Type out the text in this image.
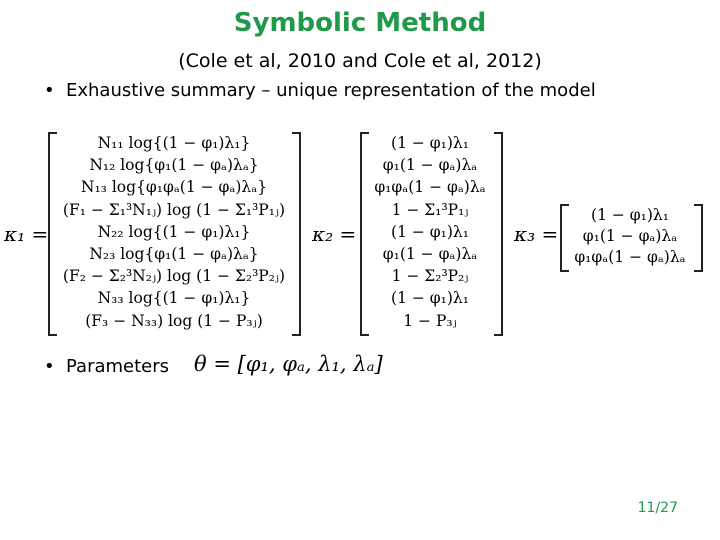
Symbolic Method
(Cole et al, 2010 and Cole et al, 2012)
• Exhaustive summary – unique representation of the model
κ₁ =
N₁₁ log{(1 − φ₁)λ₁}
N₁₂ log{φ₁(1 − φₐ)λₐ}
N₁₃ log{φ₁φₐ(1 − φₐ)λₐ}
(F₁ − Σ₁³N₁ⱼ) log (1 − Σ₁³P₁ⱼ)
N₂₂ log{(1 − φ₁)λ₁}
N₂₃ log{φ₁(1 − φₐ)λₐ}
(F₂ − Σ₂³N₂ⱼ) log (1 − Σ₂³P₂ⱼ)
N₃₃ log{(1 − φ₁)λ₁}
(F₃ − N₃₃) log (1 − P₃ⱼ)
κ₂ =
(1 − φ₁)λ₁
φ₁(1 − φₐ)λₐ
φ₁φₐ(1 − φₐ)λₐ
1 − Σ₁³P₁ⱼ
(1 − φ₁)λ₁
φ₁(1 − φₐ)λₐ
1 − Σ₂³P₂ⱼ
(1 − φ₁)λ₁
1 − P₃ⱼ
κ₃ =
(1 − φ₁)λ₁
φ₁(1 − φₐ)λₐ
φ₁φₐ(1 − φₐ)λₐ
• Parameters θ = [φ₁, φₐ, λ₁, λₐ]
11/27
